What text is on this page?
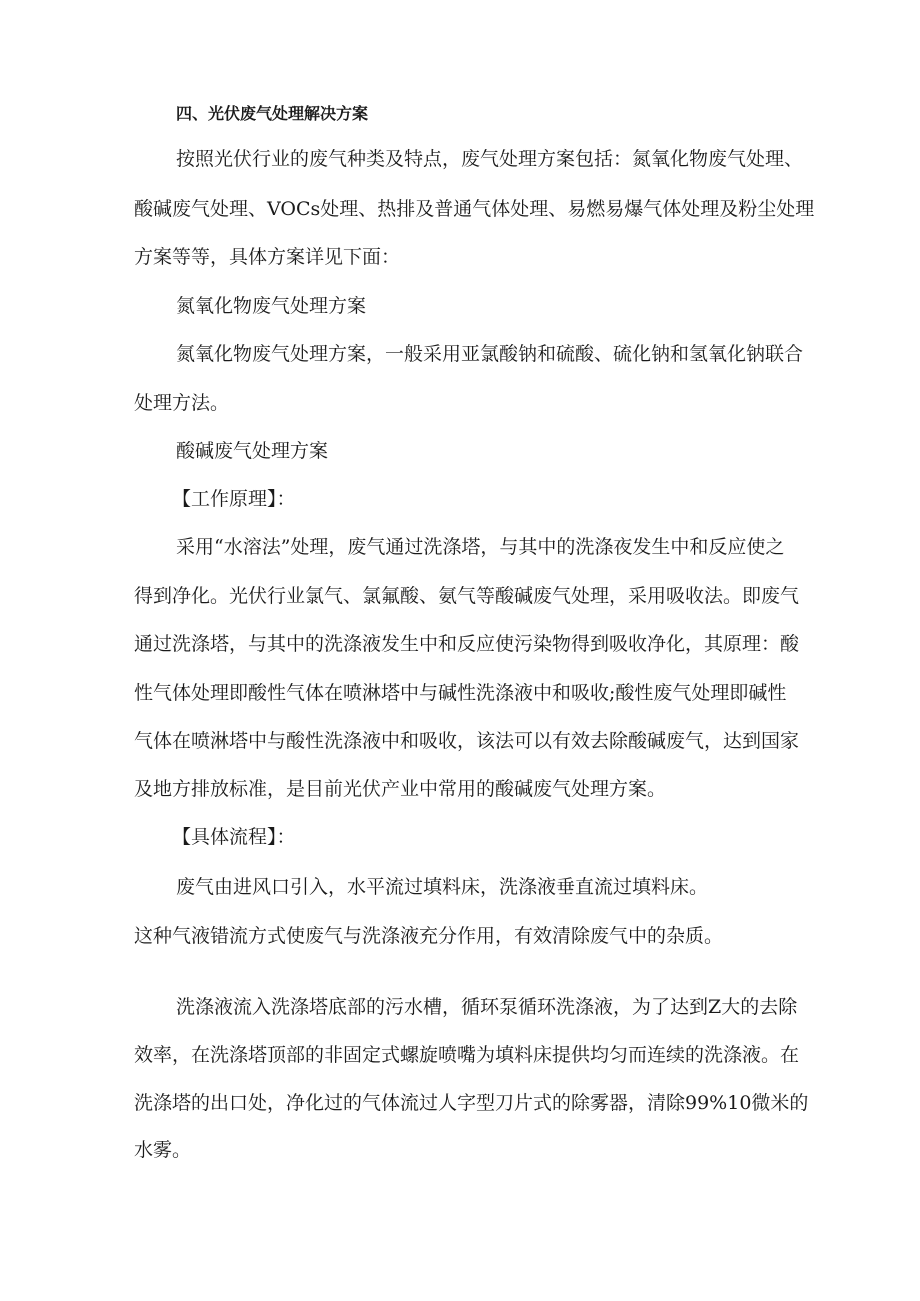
四、光伏废气处理解决方案
按照光伏行业的废气种类及特点，废气处理方案包括：氮氧化物废气处理、
酸碱废气处理、VOCs处理、热排及普通气体处理、易燃易爆气体处理及粉尘处理
方案等等，具体方案详见下面：
氮氧化物废气处理方案
氮氧化物废气处理方案，一般采用亚氯酸钠和硫酸、硫化钠和氢氧化钠联合
处理方法。
酸碱废气处理方案
【工作原理】：
采用“水溶法”处理，废气通过洗涤塔，与其中的洗涤夜发生中和反应使之
得到净化。光伏行业氯气、氯氟酸、氨气等酸碱废气处理，采用吸收法。即废气
通过洗涤塔，与其中的洗涤液发生中和反应使污染物得到吸收净化，其原理：酸
性气体处理即酸性气体在喷淋塔中与碱性洗涤液中和吸收;酸性废气处理即碱性
气体在喷淋塔中与酸性洗涤液中和吸收，该法可以有效去除酸碱废气，达到国家
及地方排放标准，是目前光伏产业中常用的酸碱废气处理方案。
【具体流程】：
废气由进风口引入，水平流过填料床，洗涤液垂直流过填料床。
这种气液错流方式使废气与洗涤液充分作用，有效清除废气中的杂质。
洗涤液流入洗涤塔底部的污水槽，循环泵循环洗涤液，为了达到Z大的去除
效率，在洗涤塔顶部的非固定式螺旋喷嘴为填料床提供均匀而连续的洗涤液。在
洗涤塔的出口处，净化过的气体流过人字型刀片式的除雾器，清除99%10微米的
水雾。
